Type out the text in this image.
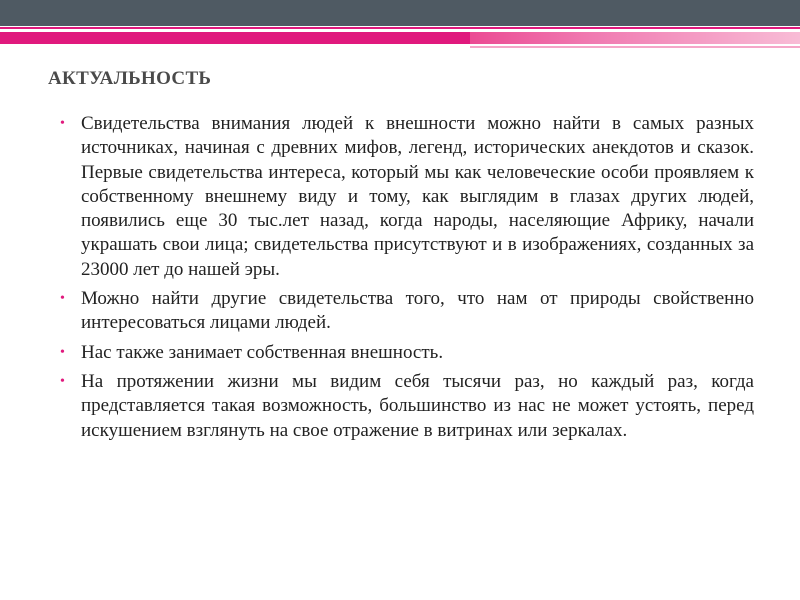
АКТУАЛЬНОСТЬ
• Свидетельства внимания людей к внешности можно найти в самых разных источниках, начиная с древних мифов, легенд, исторических анекдотов и сказок. Первые свидетельства интереса, который мы как человеческие особи проявляем к собственному внешнему виду и тому, как выглядим в глазах других людей, появились еще 30 тыс.лет назад, когда народы, населяющие Африку, начали украшать свои лица; свидетельства присутствуют и в изображениях, созданных за 23000 лет до нашей эры.
• Можно найти другие свидетельства того, что нам от природы свойственно интересоваться лицами людей.
• Нас также занимает собственная внешность.
• На протяжении жизни мы видим себя тысячи раз, но каждый раз, когда представляется такая возможность, большинство из нас не может устоять, перед искушением взглянуть на свое отражение в витринах или зеркалах.
